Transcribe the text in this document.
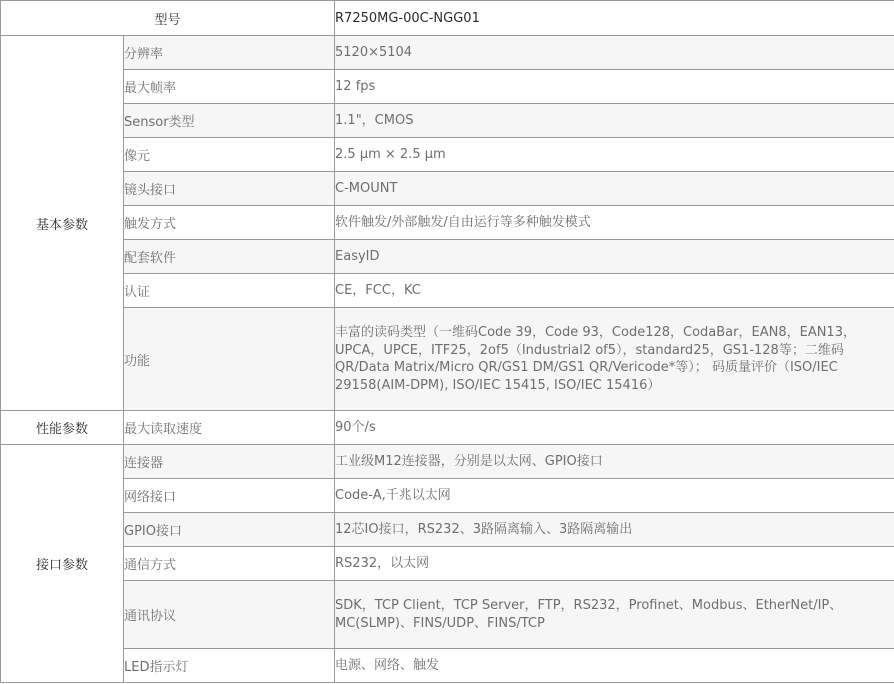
型号		R7250MG-00C-NGG01
基本参数	分辨率	5120×5104
	最大帧率	12 fps
	Sensor类型	1.1"，CMOS
	像元	2.5 μm × 2.5 μm
	镜头接口	C-MOUNT
	触发方式	软件触发/外部触发/自由运行等多种触发模式
	配套软件	EasyID
	认证	CE，FCC，KC
	功能	丰富的读码类型（一维码Code 39，Code 93，Code128，CodaBar，EAN8，EAN13，UPCA，UPCE，ITF25，2of5（Industrial2 of5），standard25，GS1-128等；二维码QR/Data Matrix/Micro QR/GS1 DM/GS1 QR/Vericode*等）； 码质量评价（ISO/IEC 29158(AIM-DPM), ISO/IEC 15415, ISO/IEC 15416）
性能参数	最大读取速度	90个/s
接口参数	连接器	工业级M12连接器，分别是以太网、GPIO接口
	网络接口	Code-A,千兆以太网
	GPIO接口	12芯IO接口，RS232、3路隔离输入、3路隔离输出
	通信方式	RS232，以太网
	通讯协议	SDK，TCP Client，TCP Server，FTP，RS232，Profinet、Modbus、EtherNet/IP、MC(SLMP)、FINS/UDP、FINS/TCP
	LED指示灯	电源、网络、触发
